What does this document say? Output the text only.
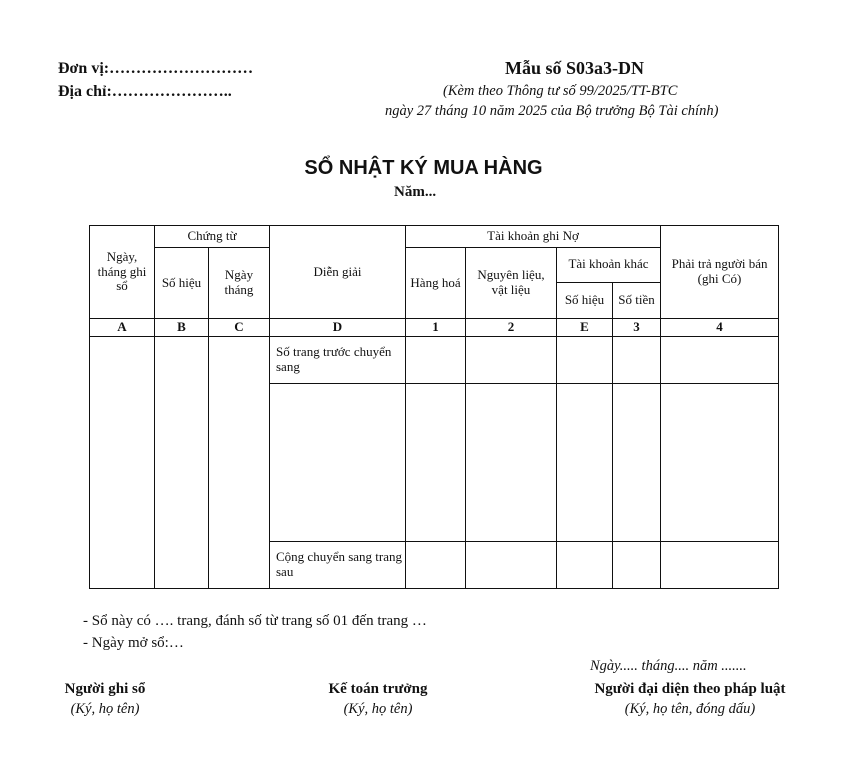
Đơn vị:………………………
Địa chỉ:…………………..
Mẫu số S03a3-DN
(Kèm theo Thông tư số 99/2025/TT-BTC
ngày 27 tháng 10 năm 2025 của Bộ trưởng Bộ Tài chính)
SỔ NHẬT KÝ MUA HÀNG
Năm...
Ngày, tháng ghi sổ	Chứng từ		Diễn giải	Tài khoản ghi Nợ				Phải trả người bán (ghi Có)
	Số hiệu	Ngày tháng		Hàng hoá	Nguyên liệu, vật liệu	Tài khoản khác		
						Số hiệu	Số tiền	

A	B	C	D	1	2	E	3	4
			Số trang trước chuyển sang					

			Cộng chuyển sang trang sau					
- Sổ này có …. trang, đánh số từ trang số 01 đến trang …
- Ngày mở sổ:…
Ngày..... tháng.... năm .......
Người ghi sổ
(Ký, họ tên)
Kế toán trưởng
(Ký, họ tên)
Người đại diện theo pháp luật
(Ký, họ tên, đóng dấu)
